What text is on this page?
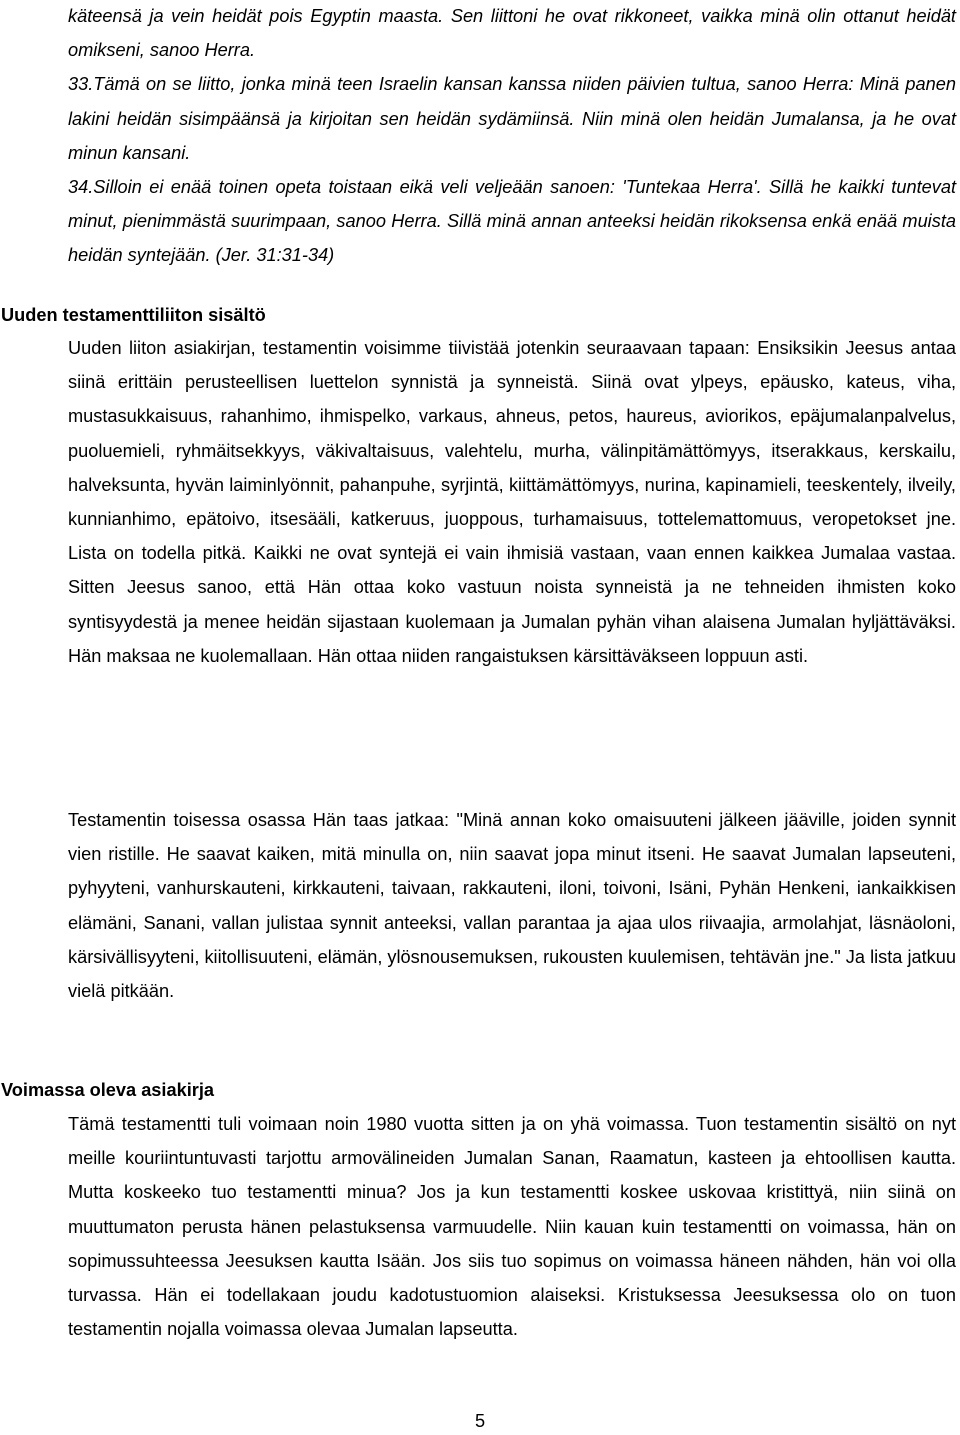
käteensä ja vein heidät pois Egyptin maasta. Sen liittoni he ovat rikkoneet, vaikka minä olin ottanut heidät omikseni, sanoo Herra.

33.Tämä on se liitto, jonka minä teen Israelin kansan kanssa niiden päivien tultua, sanoo Herra: Minä panen lakini heidän sisimpäänsä ja kirjoitan sen heidän sydämiinsä. Niin minä olen heidän Jumalansa, ja he ovat minun kansani.

34.Silloin ei enää toinen opeta toistaan eikä veli veljeään sanoen: 'Tuntekaa Herra'. Sillä he kaikki tuntevat minut, pienimmästä suurimpaan, sanoo Herra. Sillä minä annan anteeksi heidän rikoksensa enkä enää muista heidän syntejään. (Jer. 31:31-34)

Uuden testamenttiliiton sisältö

Uuden liiton asiakirjan, testamentin voisimme tiivistää jotenkin seuraavaan tapaan: Ensiksikin Jeesus antaa siinä erittäin perusteellisen luettelon synnistä ja synneistä. Siinä ovat ylpeys, epäusko, kateus, viha, mustasukkaisuus, rahanhimo, ihmispelko, varkaus, ahneus, petos, haureus, aviorikos, epäjumalanpalvelus, puoluemieli, ryhmäitsekkyys, väkivaltaisuus, valehtelu, murha, välinpitämättömyys, itserakkaus, kerskailu, halveksunta, hyvän laiminlyönnit, pahanpuhe, syrjintä, kiittämättömyys, nurina, kapinamieli, teeskentely, ilveily, kunnianhimo, epätoivo, itsesääli, katkeruus, juoppous, turhamaisuus, tottelemattomuus, veropetokset jne. Lista on todella pitkä. Kaikki ne ovat syntejä ei vain ihmisiä vastaan, vaan ennen kaikkea Jumalaa vastaa. Sitten Jeesus sanoo, että Hän ottaa koko vastuun noista synneistä ja ne tehneiden ihmisten koko syntisyydestä ja menee heidän sijastaan kuolemaan ja Jumalan pyhän vihan alaisena Jumalan hyljättäväksi. Hän maksaa ne kuolemallaan. Hän ottaa niiden rangaistuksen kärsittäväkseen loppuun asti.

Testamentin toisessa osassa Hän taas jatkaa: "Minä annan koko omaisuuteni jälkeen jääville, joiden synnit vien ristille. He saavat kaiken, mitä minulla on, niin saavat jopa minut itseni. He saavat Jumalan lapseuteni, pyhyyteni, vanhurskauteni, kirkkauteni, taivaan, rakkauteni, iloni, toivoni, Isäni, Pyhän Henkeni, iankaikkisen elämäni, Sanani, vallan julistaa synnit anteeksi, vallan parantaa ja ajaa ulos riivaajia, armolahjat, läsnäoloni, kärsivällisyyteni, kiitollisuuteni, elämän, ylösnousemuksen, rukousten kuulemisen, tehtävän jne." Ja lista jatkuu vielä pitkään.

Voimassa oleva asiakirja

Tämä testamentti tuli voimaan noin 1980 vuotta sitten ja on yhä voimassa. Tuon testamentin sisältö on nyt meille kouriintuntuvasti tarjottu armovälineiden Jumalan Sanan, Raamatun, kasteen ja ehtoollisen kautta. Mutta koskeeko tuo testamentti minua? Jos ja kun testamentti koskee uskovaa kristittyä, niin siinä on muuttumaton perusta hänen pelastuksensa varmuudelle. Niin kauan kuin testamentti on voimassa, hän on sopimussuhteessa Jeesuksen kautta Isään. Jos siis tuo sopimus on voimassa häneen nähden, hän voi olla turvassa. Hän ei todellakaan joudu kadotustuomion alaiseksi. Kristuksessa Jeesuksessa olo on tuon testamentin nojalla voimassa olevaa Jumalan lapseutta.

5
